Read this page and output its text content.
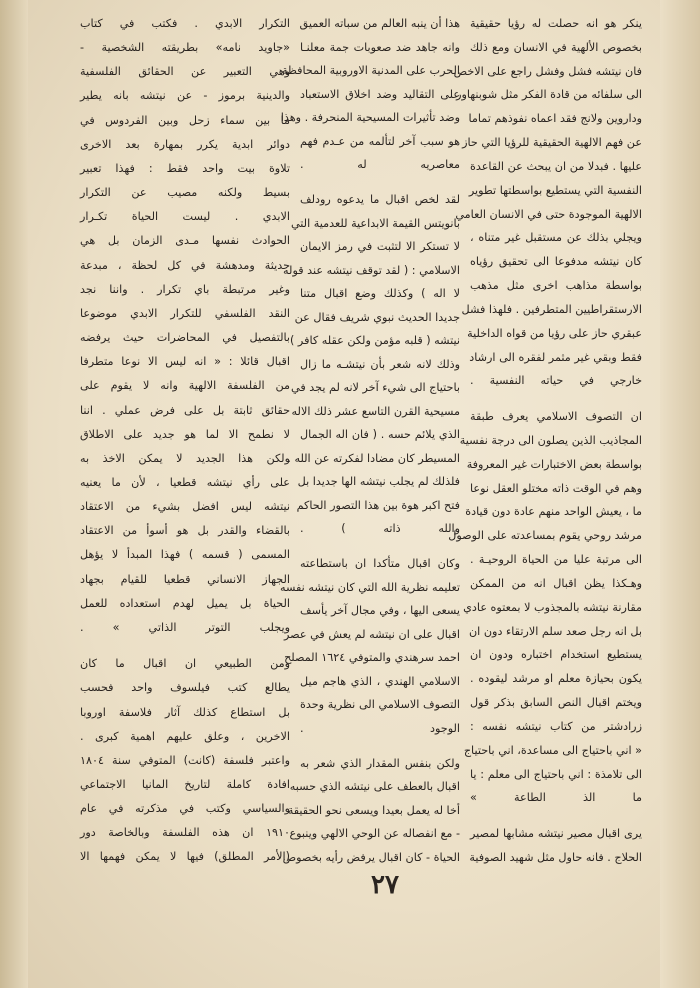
ينكر هو انه حصلت له رؤيا حقيقية
بخصوص الألهية في الانسان ومع ذلك
فان نيتشه فشل وفشل راجع على الاخص
الى سلفائه من قادة الفكر مثل شوبنهاور
وداروين ولانج فقد اعماه نفوذهم تماما
عن فهم الالهية الحقيقية للرؤيا التي حاز
عليها . فبدلا من ان يبحث عن القاعدة
النفسية التي يستطيع بواسطتها تطوير
الالهية الموجودة حتى في الانسان العامي
ويجلي بذلك عن مستقبل غير متناه ،
كان نيتشه مدفوعا الى تحقيق رؤياه
بواسطة مذاهب اخرى مثل مذهب
الارستقراطيين المتطرفين . فلهذا فشل
عبقري حاز على رؤيا من قواه الداخلية
فقط وبقي غير مثمر لفقره الى ارشاد
خارجي في حياته النفسية .
ان التصوف الاسلامي يعرف طبقة
المجاذيب الذين يصلون الى درجة نفسية
بواسطة بعض الاختبارات غير المعروفة
وهم في الوقت ذاته مختلو العقل نوعا
ما ، يعيش الواحد منهم عادة دون قيادة
مرشد روحي يقوم بمساعدته على الوصول
الى مرتبة عليا من الحياة الروحيـة .
وهـكذا يظن اقبال انه من الممكن
مقارنة نيتشه بالمجذوب لا بمعتوه عادي
بل انه رجل صعد سلم الارتقاء دون ان
يستطيع استخدام اختباره ودون ان
يكون بحيازة معلم او مرشد ليقوده .
ويختم اقبال النص السابق بذكر قول
زرادشتر من كتاب نيتشه نفسه :
« اني باحتياج الى مساعدة، اني باحتياج
الى تلامذة : اني باحتياج الى معلم : يا
ما الذ الطاعة »
يرى اقبال مصير نيتشه مشابها لمصير
الحلاج . فانه حاول مثل شهيد الصوفية
هذا أن ينبه العالم من سباته العميق
وانه جاهد ضد صعوبات جمة معلنـا
الحرب على المدنية الاوروبية المحافظة
على التقاليد وضد اخلاق الاستعباد
وضد تأثيرات المسيحية المنحرفة . وهذا
هو سبب آخر لتألمه من عـدم فهم
معاصريه له .
لقد لخص اقبال ما يدعوه رودلف
بانويتس القيمة الابداعية للعدمية التي
لا تستكر الا لتثبت في رمز الايمان
الاسلامي : ( لقد توقف نيتشه عند قوله
لا اله ) وكذلك وضع اقبال متنا
جديدا الحديث نبوي شريف فقال عن
نيتشه ( قلبه مؤمن ولكن عقله كافر )
وذلك لانه شعر بأن نيتشـه ما زال
باحتياج الى شيء آخر لانه لم يجد في
مسيحية القرن التاسع عشر ذلك الاله
الذي يلائم حسه . ( فان اله الجمال
المسيطر كان مضادا لفكرته عن الله .
فلذلك لم يجلب نيتشه الها جديدا بل
فتح اكبر هوة بين هذا التصور الحاكم
والله ذاته ) .
وكان اقبال متأكدا ان باستطاعته
تعليمه نظرية الله التي كان نيتشه نفسه
يسعى اليها ، وفي مجال آخر يأسف
اقبال على ان نيتشه لم يعش في عصر
احمد سرهندي والمتوفي ١٦٢٤ المصلح
الاسلامي الهندي ، الذي هاجم ميل
التصوف الاسلامي الى نظرية وحدة
الوجود .
ولكن بنفس المقدار الذي شعر به
اقبال بالعطف على نيتشه الذي حسبه
أخا له يعمل بعيدا ويسعى نحو الحقيقة
- مع انفصاله عن الوحي الالهي وينبوع
الحياة - كان اقبال يرفض رأيه بخصوص
التكرار الابدي . فكتب في كتاب
«جاويد نامه» بطريقته الشخصية -
وهي التعبير عن الحقائق الفلسفية
والدينية برموز - عن نيتشه بانه يطير
ما بين سماء زحل وبين الفردوس في
دوائر ابدية يكرر بمهارة بعد الاخرى
تلاوة بيت واحد فقط : فهذا تعبير
بسيط ولكنه مصيب عن التكرار
الابدي . ليست الحياة تكـرار
الحوادث نفسها مـدى الزمان بل هي
حديثة ومدهشة في كل لحظة ، مبدعة
وغير مرتبطة باي تكرار . واننا نجد
النقد الفلسفي للتكرار الابدي موضوعا
بالتفصيل في المحاضرات حيث يرفضه
اقبال قائلا : « انه ليس الا نوعا متطرفا
من الفلسفة الالهية وانه لا يقوم على
حقائق ثابتة بل على فرض عملي . اننا
لا نطمح الا لما هو جديد على الاطلاق
ولكن هذا الجديد لا يمكن الاخذ به
على رأي نيتشه قطعيا ، لأن ما يعنيه
نيتشه ليس افضل بشيء من الاعتقاد
بالقضاء والقدر بل هو أسوأ من الاعتقاد
المسمى ( قسمه ) فهذا المبدأ لا يؤهل
الجهاز الانساني قطعيا للقيام بجهاد
الحياة بل يميل لهدم استعداده للعمل
ويجلب التوتر الذاتي » .
ومن الطبيعي ان اقبال ما كان
يطالع كتب فيلسوف واحد فحسب
بل استطاع كذلك آثار فلاسفة اوروبا
الاخرين ، وعلق عليهم اهمية كبرى .
واعتبر فلسفة (كانت) المتوفي سنة ١٨٠٤
افادة كاملة لتاريخ المانيا الاجتماعي
والسياسي وكتب في مذكرته في عام
١٩١٠ ان هذه الفلسفة وبالخاصة دور
(الأمر المطلق) فيها لا يمكن فهمها الا
٢٧
